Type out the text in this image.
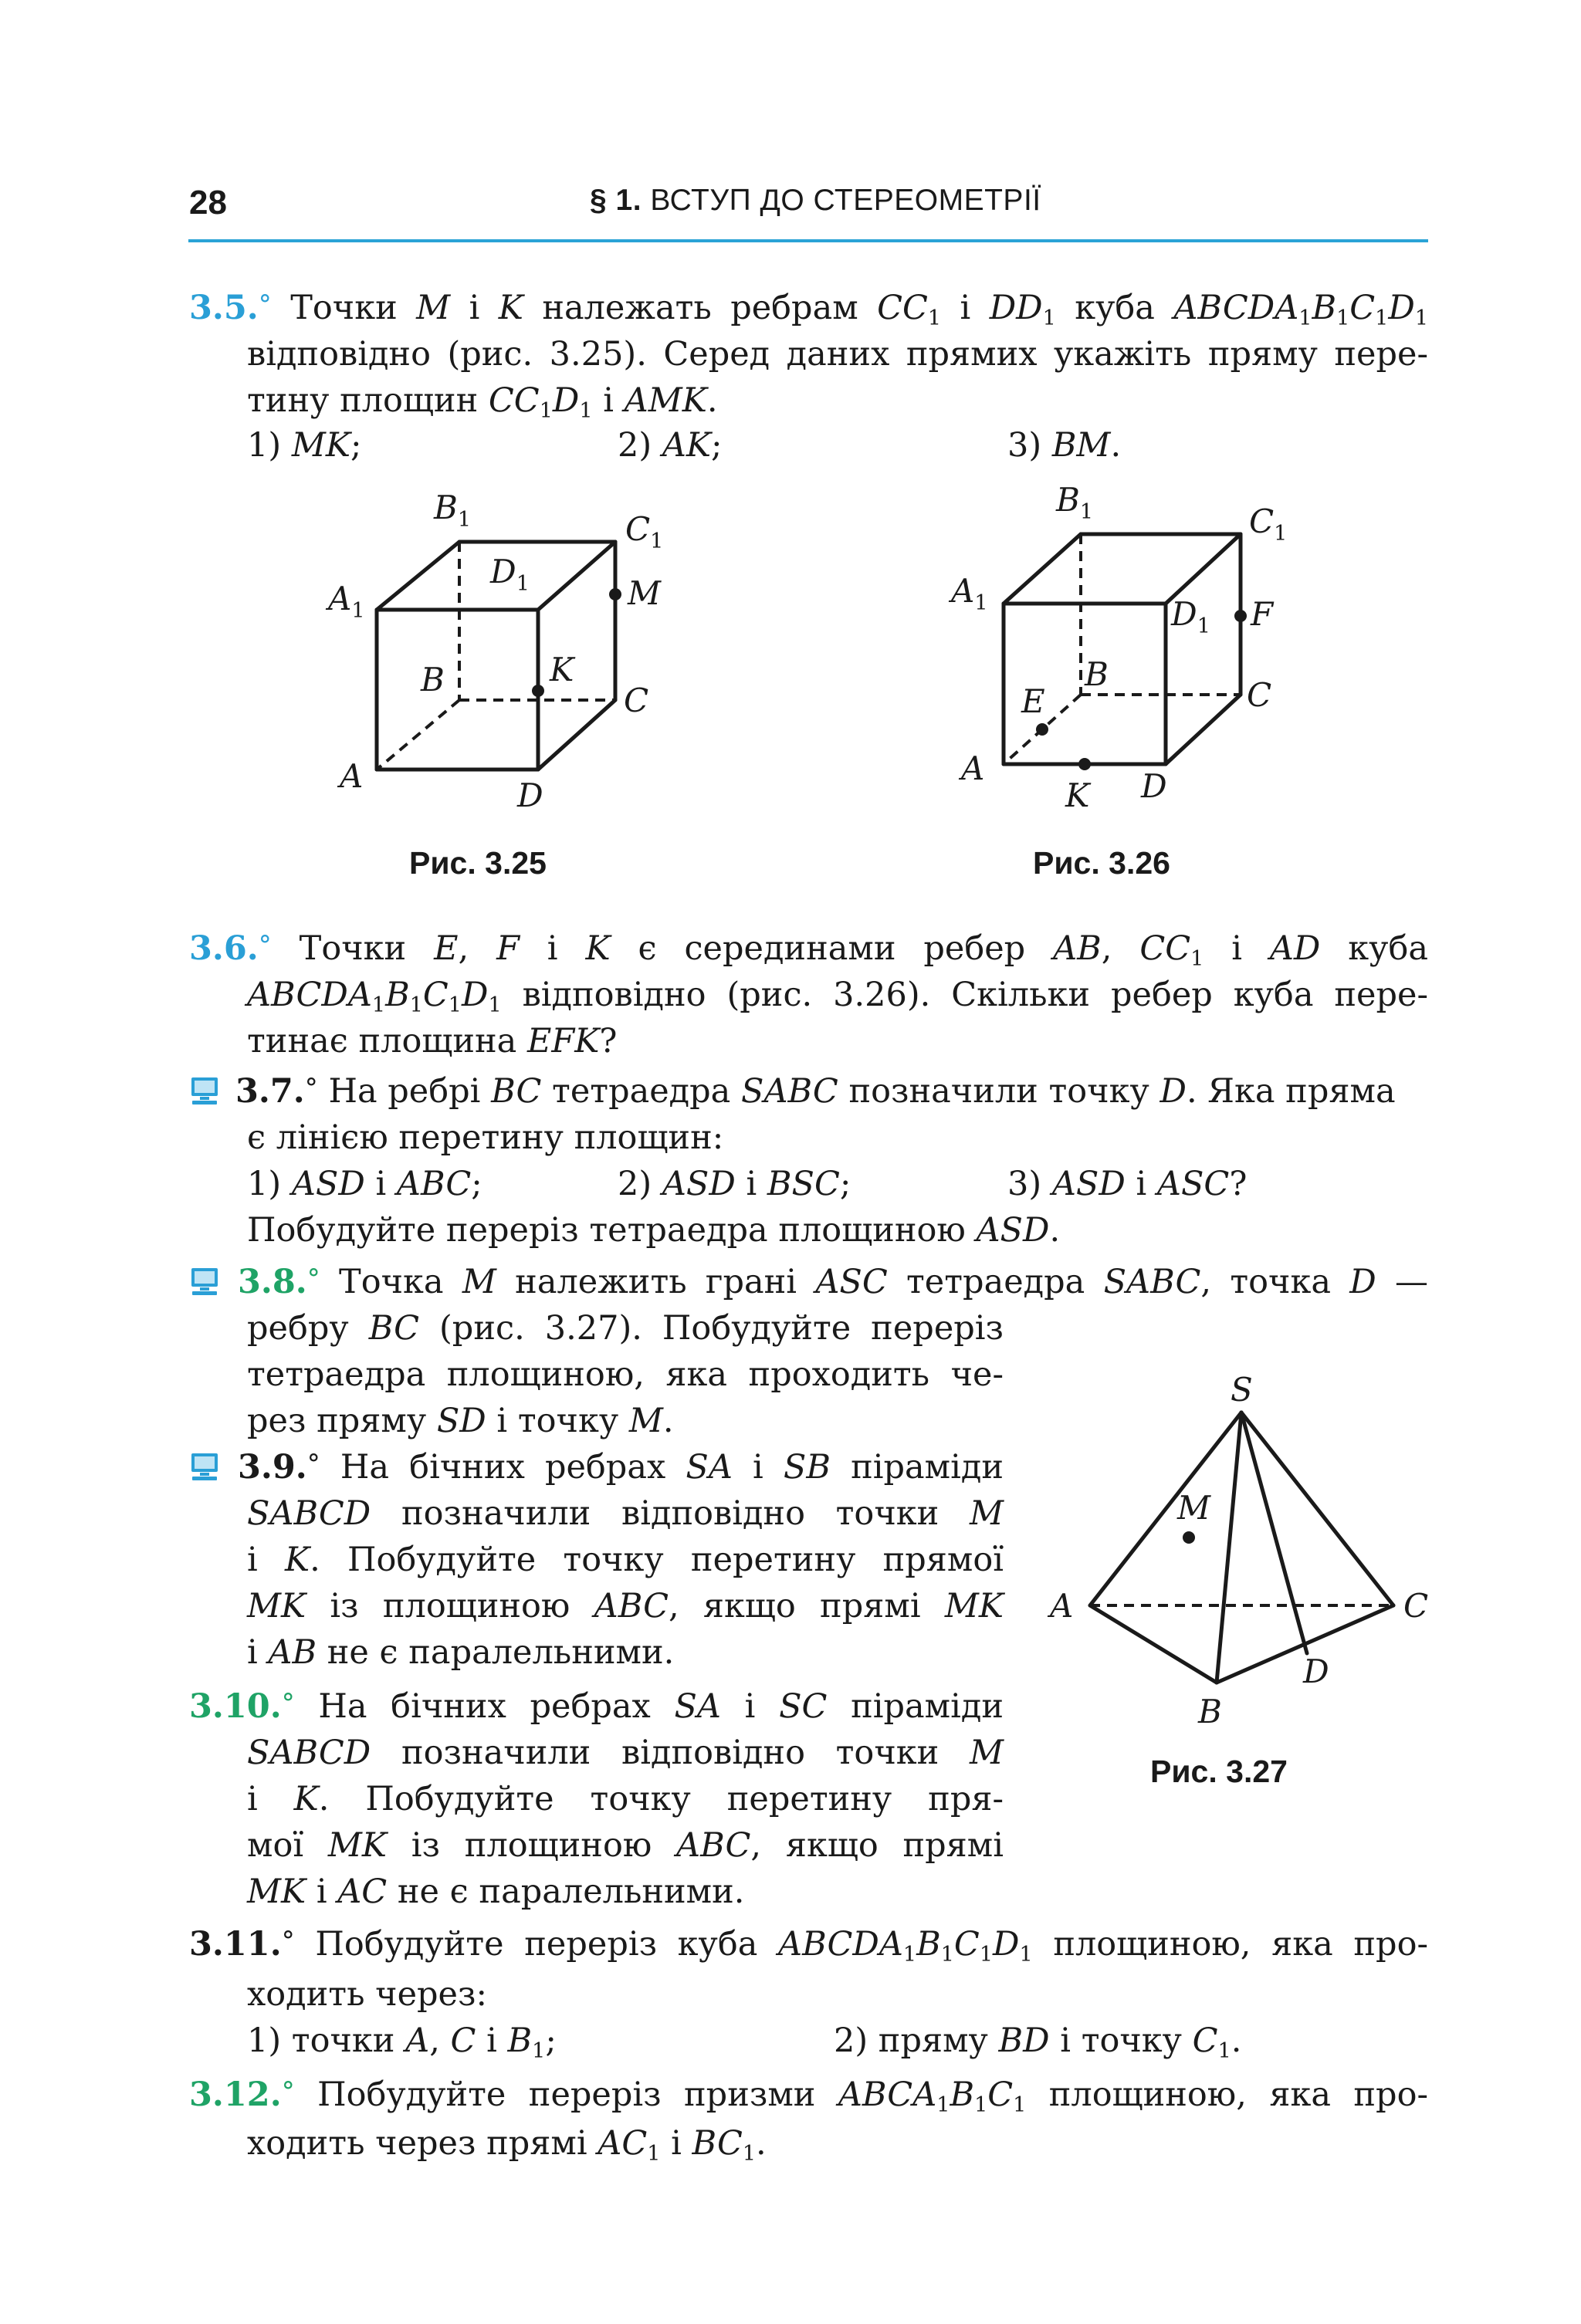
28	§ 1. ВСТУП ДО СТЕРЕОМЕТРІЇ
3.5.° Точки M і K належать ребрам $CC_1$ і $DD_1$ куба $ABCDA_1B_1C_1D_1$
відповідно (рис. 3.25). Серед даних прямих укажіть пряму пере-
тину площин $CC_1D_1$ і AMK.
1) MK;	2) AK;	3) BM.
$B_1$	$C_1$
$A_1$
$D_1$	M
B	K
C
A
D
Рис. 3.25
$B_1$	$C_1$
$A_1$	$D_1$ F
B
E	C
A
K D
Рис. 3.26
3.6.° Точки E, F і K є серединами ребер AB, $CC_1$ і AD куба
$ABCDA_1B_1C_1D_1$ відповідно (рис. 3.26). Скільки ребер куба пере-
тинає площина EFK?
3.7.° На ребрі BC тетраедра SABC позначили точку D. Яка пряма
є лінією перетину площин:
1) ASD і ABC;	2) ASD і BSC;	3) ASD і ASC?
Побудуйте переріз тетраедра площиною ASD.
3.8.° Точка M належить грані ASC тетраедра SABC, точка D —
ребру BC (рис. 3.27). Побудуйте переріз
тетраедра площиною, яка проходить че-
рез пряму SD і точку M.
3.9.° На бічних ребрах SA і SB піраміди
SABCD позначили відповідно точки M
і K. Побудуйте точку перетину прямої
MK із площиною ABC, якщо прямі MK
і AB не є паралельними.
3.10.° На бічних ребрах SA і SC піраміди
SABCD позначили відповідно точки M
і K. Побудуйте точку перетину пря-
мої MK із площиною ABC, якщо прямі
MK і AC не є паралельними.
S
M
A	C
D
B
Рис. 3.27
3.11.° Побудуйте переріз куба $ABCDA_1B_1C_1D_1$ площиною, яка про-
ходить через:
1) точки A, C і $B_1$;	2) пряму BD і точку $C_1$.
3.12.° Побудуйте переріз призми $ABCA_1B_1C_1$ площиною, яка про-
ходить через прямі $AC_1$ і $BC_1$.
